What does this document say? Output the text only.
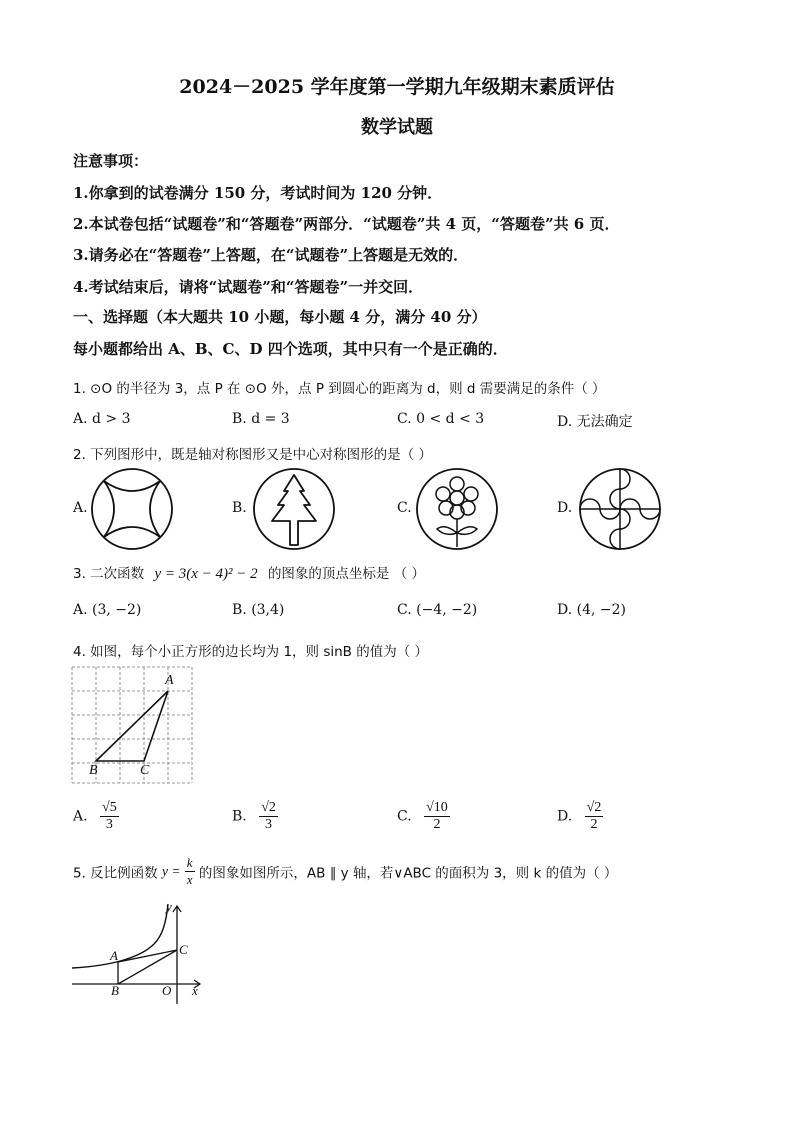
2024－2025 学年度第一学期九年级期末素质评估
数学试题
注意事项：
1.你拿到的试卷满分 150 分，考试时间为 120 分钟．
2.本试卷包括“试题卷”和“答题卷”两部分．“试题卷”共 4 页，“答题卷”共 6 页．
3.请务必在“答题卷”上答题，在“试题卷”上答题是无效的．
4.考试结束后，请将“试题卷”和“答题卷”一并交回．
一、选择题（本大题共 10 小题，每小题 4 分，满分 40 分）
每小题都给出 A、B、C、D 四个选项，其中只有一个是正确的．
1. ⊙O 的半径为 3，点 P 在 ⊙O 外，点 P 到圆心的距离为 d，则 d 需要满足的条件（ ）
A. d > 3	B. d = 3	C. 0 < d < 3	D. 无法确定
2. 下列图形中，既是轴对称图形又是中心对称图形的是（ ）
A.	B.	C.	D.
3. 二次函数 y = 3(x − 4)² − 2 的图象的顶点坐标是 （ ）
A. (3, −2)	B. (3,4)	C. (−4, −2)	D. (4, −2)
4. 如图，每个小正方形的边长均为 1，则 sinB 的值为（ ）
A
B	C
A. $\frac{√5}{3}$	B. $\frac{√2}{3}$	C. $\frac{√10}{2}$	D. $\frac{√2}{2}$
5. 反比例函数 $y = \frac{k}{x}$ 的图象如图所示，AB ∥ y 轴，若∨ABC 的面积为 3，则 k 的值为（ ）
y
A	C
B	O x
